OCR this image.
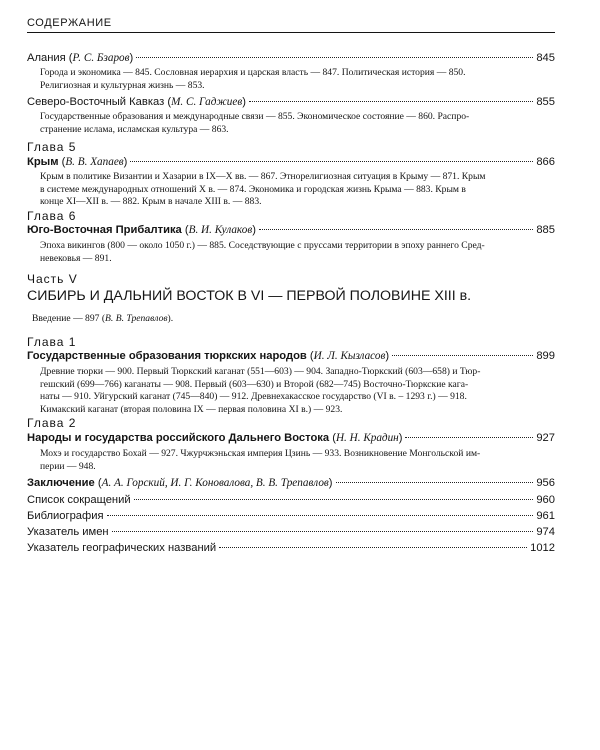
СОДЕРЖАНИЕ
Алания (Р. С. Бзаров)	845
Города и экономика — 845. Сословная иерархия и царская власть — 847. Политическая история — 850.
Религиозная и культурная жизнь — 853.
Северо-Восточный Кавказ (М. С. Гаджиев)	855
Государственные образования и международные связи — 855. Экономическое состояние — 860. Распро-
странение ислама, исламская культура — 863.
Глава 5
Крым (В. В. Хапаев)	866
Крым в политике Византии и Хазарии в IX—X вв. — 867. Этнорелигиозная ситуация в Крыму — 871. Крым
в системе международных отношений X в. — 874. Экономика и городская жизнь Крыма — 883. Крым в
конце XI—XII в. — 882. Крым в начале XIII в. — 883.
Глава 6
Юго-Восточная Прибалтика (В. И. Кулаков)	885
Эпоха викингов (800 — около 1050 г.) — 885. Соседствующие с пруссами территории в эпоху раннего Сред-
невековья — 891.
Часть V
СИБИРЬ И ДАЛЬНИЙ ВОСТОК В VI — ПЕРВОЙ ПОЛОВИНЕ XIII в.
Введение — 897 (В. В. Трепавлов).
Глава 1
Государственные образования тюркских народов (И. Л. Кызласов)	899
Древние тюрки — 900. Первый Тюркский каганат (551—603) — 904. Западно-Тюркский (603—658) и Тюр-
гешский (699—766) каганаты — 908. Первый (603—630) и Второй (682—745) Восточно-Тюркские кага-
наты — 910. Уйгурский каганат (745—840) — 912. Древнехакасское государство (VI в. – 1293 г.) — 918.
Кимакский каганат (вторая половина IX — первая половина XI в.) — 923.
Глава 2
Народы и государства российского Дальнего Востока (Н. Н. Крадин)	927
Мохэ и государство Бохай — 927. Чжурчжэньская империя Цзинь — 933. Возникновение Монгольской им-
перии — 948.
Заключение (А. А. Горский, И. Г. Коновалова, В. В. Трепавлов)	956
Список сокращений	960
Библиография	961
Указатель имен	974
Указатель географических названий	1012
